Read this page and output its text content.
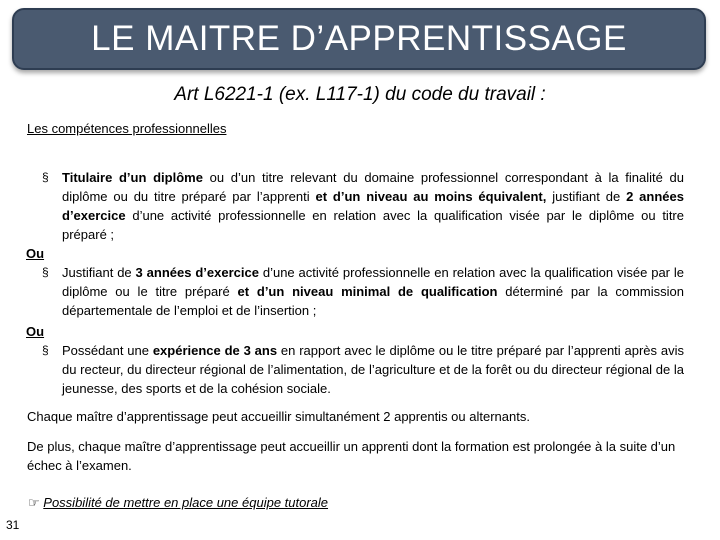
LE MAITRE D’APPRENTISSAGE
Art L6221-1 (ex. L117-1) du code du travail :
Les compétences professionnelles
§ Titulaire d’un diplôme ou d’un titre relevant du domaine professionnel correspondant à la finalité du diplôme ou du titre préparé par l’apprenti et d’un niveau au moins équivalent, justifiant de 2 années d’exercice d’une activité professionnelle en relation avec la qualification visée par le diplôme ou titre préparé ;

Ou
§ Justifiant de 3 années d’exercice d’une activité professionnelle en relation avec la qualification visée par le diplôme ou le titre préparé et d’un niveau minimal de qualification déterminé par la commission départementale de l’emploi et de l’insertion ;

Ou
§ Possédant une expérience de 3 ans en rapport avec le diplôme ou le titre préparé par l’apprenti après avis du recteur, du directeur régional de l’alimentation, de l’agriculture et de la forêt ou du directeur régional de la jeunesse, des sports et de la cohésion sociale.

Chaque maître d’apprentissage peut accueillir simultanément 2 apprentis ou alternants.

De plus, chaque maître d’apprentissage peut accueillir un apprenti dont la formation est prolongée à la suite d’un échec à l’examen.

☞ Possibilité de mettre en place une équipe tutorale
31
